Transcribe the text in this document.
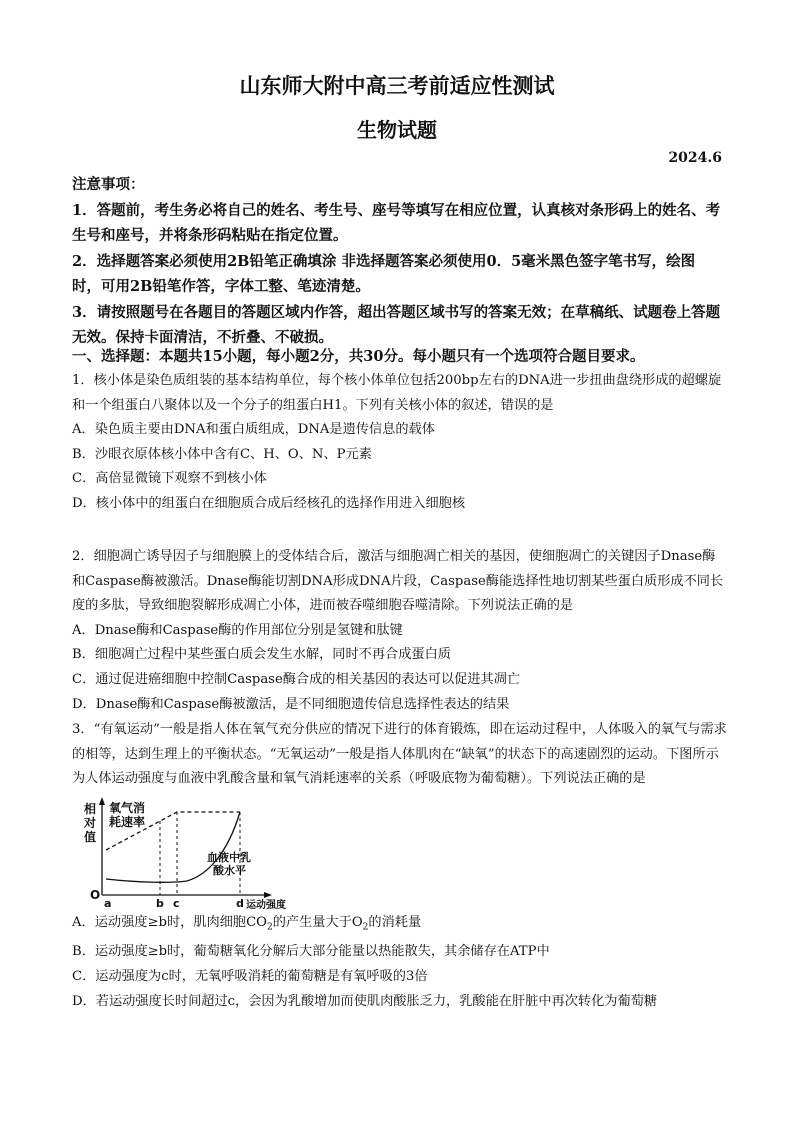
山东师大附中高三考前适应性测试
生物试题
2024.6

注意事项：

1．答题前，考生务必将自己的姓名、考生号、座号等填写在相应位置，认真核对条形码上的姓名、考生号和座号，并将条形码粘贴在指定位置。

2．选择题答案必须使用2B铅笔正确填涂 非选择题答案必须使用0．5毫米黑色签字笔书写，绘图时，可用2B铅笔作答，字体工整、笔迹清楚。

3．请按照题号在各题目的答题区域内作答，超出答题区域书写的答案无效；在草稿纸、试题卷上答题无效。保持卡面清洁，不折叠、不破损。

一、选择题：本题共15小题，每小题2分，共30分。每小题只有一个选项符合题目要求。

1．核小体是染色质组装的基本结构单位，每个核小体单位包括200bp左右的DNA进一步扭曲盘绕形成的超螺旋和一个组蛋白八聚体以及一个分子的组蛋白H1。下列有关核小体的叙述，错误的是

A．染色质主要由DNA和蛋白质组成，DNA是遗传信息的载体

B．沙眼衣原体核小体中含有C、H、O、N、P元素

C．高倍显微镜下观察不到核小体

D．核小体中的组蛋白在细胞质合成后经核孔的选择作用进入细胞核

2．细胞凋亡诱导因子与细胞膜上的受体结合后，激活与细胞凋亡相关的基因，使细胞凋亡的关键因子Dnase酶和Caspase酶被激活。Dnase酶能切割DNA形成DNA片段，Caspase酶能选择性地切割某些蛋白质形成不同长度的多肽，导致细胞裂解形成凋亡小体，进而被吞噬细胞吞噬清除。下列说法正确的是

A．Dnase酶和Caspase酶的作用部位分别是氢键和肽键

B．细胞凋亡过程中某些蛋白质会发生水解，同时不再合成蛋白质

C．通过促进癌细胞中控制Caspase酶合成的相关基因的表达可以促进其凋亡

D．Dnase酶和Caspase酶被激活，是不同细胞遗传信息选择性表达的结果

3．“有氧运动”一般是指人体在氧气充分供应的情况下进行的体育锻炼，即在运动过程中，人体吸入的氧气与需求的相等，达到生理上的平衡状态。“无氧运动”一般是指人体肌肉在“缺氧”的状态下的高速剧烈的运动。下图所示为人体运动强度与血液中乳酸含量和氧气消耗速率的关系（呼吸底物为葡萄糖）。下列说法正确的是

相
对
值
O
氧气消
耗速率
血液中乳
酸水平
a	b c	d 运动强度

A．运动强度≥b时，肌肉细胞$CO_2$的产生量大于$O_2$的消耗量

B．运动强度≥b时，葡萄糖氧化分解后大部分能量以热能散失，其余储存在ATP中

C．运动强度为c时，无氧呼吸消耗的葡萄糖是有氧呼吸的3倍

D．若运动强度长时间超过c，会因为乳酸增加而使肌肉酸胀乏力，乳酸能在肝脏中再次转化为葡萄糖
